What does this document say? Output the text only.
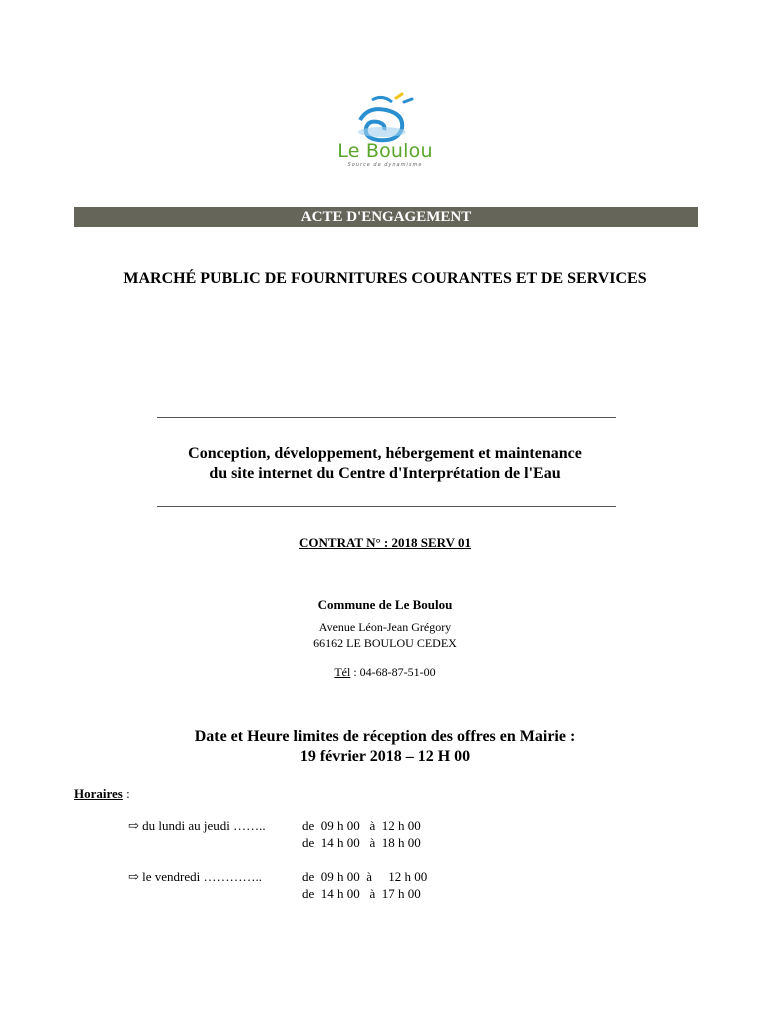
Le Boulou
Source de dynamisme
ACTE D'ENGAGEMENT
MARCHÉ PUBLIC DE FOURNITURES COURANTES ET DE SERVICES
Conception, développement, hébergement et maintenance
du site internet du Centre d'Interprétation de l'Eau
CONTRAT N° : 2018 SERV 01
Commune de Le Boulou
Avenue Léon-Jean Grégory
66162 LE BOULOU CEDEX
Tél : 04-68-87-51-00
Date et Heure limites de réception des offres en Mairie :
19 février 2018 – 12 H 00
Horaires :
⇨ du lundi au jeudi ……..	de  09 h 00   à  12 h 00
de  14 h 00   à  18 h 00
⇨ le vendredi …………..	de  09 h 00  à     12 h 00
de  14 h 00   à  17 h 00
